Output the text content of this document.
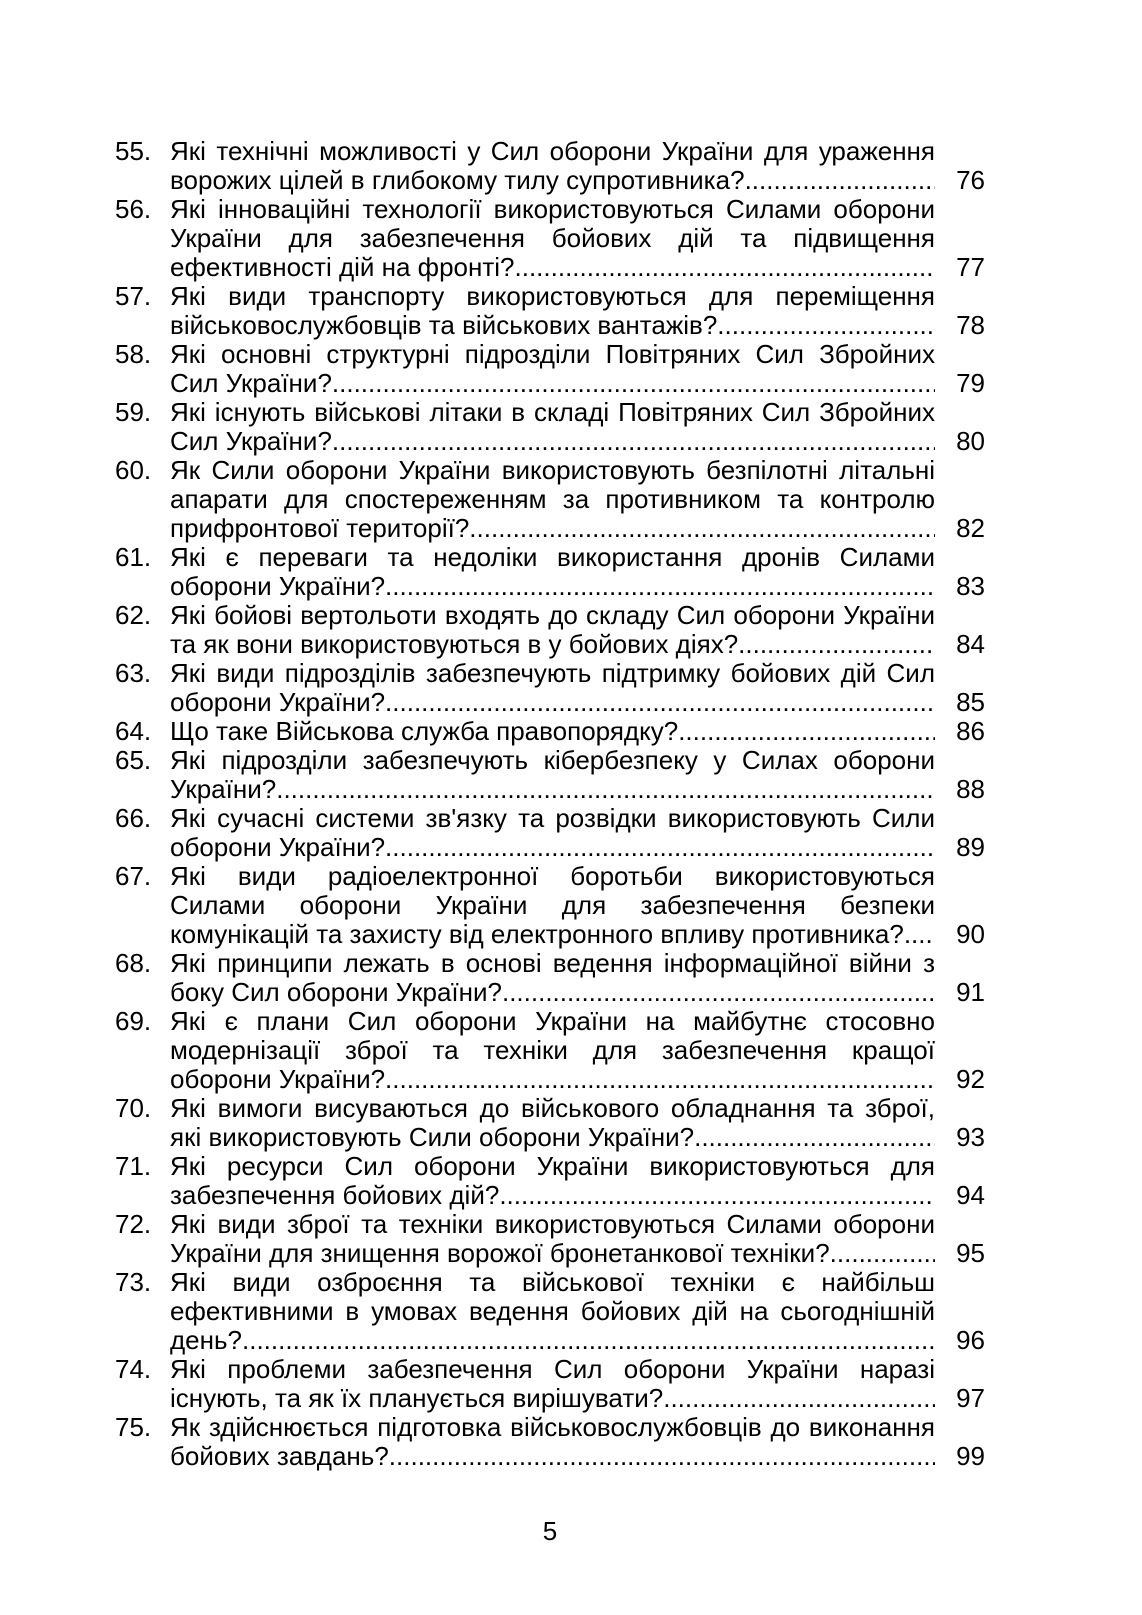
55. Які технічні можливості у Сил оборони України для ураження ворожих цілей в глибокому тилу супротивника?	76
56. Які інноваційні технології використовуються Силами оборони України для забезпечення бойових дій та підвищення ефективності дій на фронті?	77
57. Які види транспорту використовуються для переміщення військовослужбовців та військових вантажів?	78
58. Які основні структурні підрозділи Повітряних Сил Збройних Сил України?	79
59. Які існують військові літаки в складі Повітряних Сил Збройних Сил України?	80
60. Як Сили оборони України використовують безпілотні літальні апарати для спостереженням за противником та контролю прифронтової території?	82
61. Які є переваги та недоліки використання дронів Силами оборони України?	83
62. Які бойові вертольоти входять до складу Сил оборони України та як вони використовуються в у бойових діях?	84
63. Які види підрозділів забезпечують підтримку бойових дій Сил оборони України?	85
64. Що таке Військова служба правопорядку?	86
65. Які підрозділи забезпечують кібербезпеку у Силах оборони України?	88
66. Які сучасні системи зв'язку та розвідки використовують Сили оборони України?	89
67. Які види радіоелектронної боротьби використовуються Силами оборони України для забезпечення безпеки комунікацій та захисту від електронного впливу противника?	90
68. Які принципи лежать в основі ведення інформаційної війни з боку Сил оборони України?	91
69. Які є плани Сил оборони України на майбутнє стосовно модернізації зброї та техніки для забезпечення кращої оборони України?	92
70. Які вимоги висуваються до військового обладнання та зброї, які використовують Сили оборони України?	93
71. Які ресурси Сил оборони України використовуються для забезпечення бойових дій?	94
72. Які види зброї та техніки використовуються Силами оборони України для знищення ворожої бронетанкової техніки?	95
73. Які види озброєння та військової техніки є найбільш ефективними в умовах ведення бойових дій на сьогоднішній день?	96
74. Які проблеми забезпечення Сил оборони України наразі існують, та як їх планується вирішувати?	97
75. Як здійснюється підготовка військовослужбовців до виконання бойових завдань?	99
5
